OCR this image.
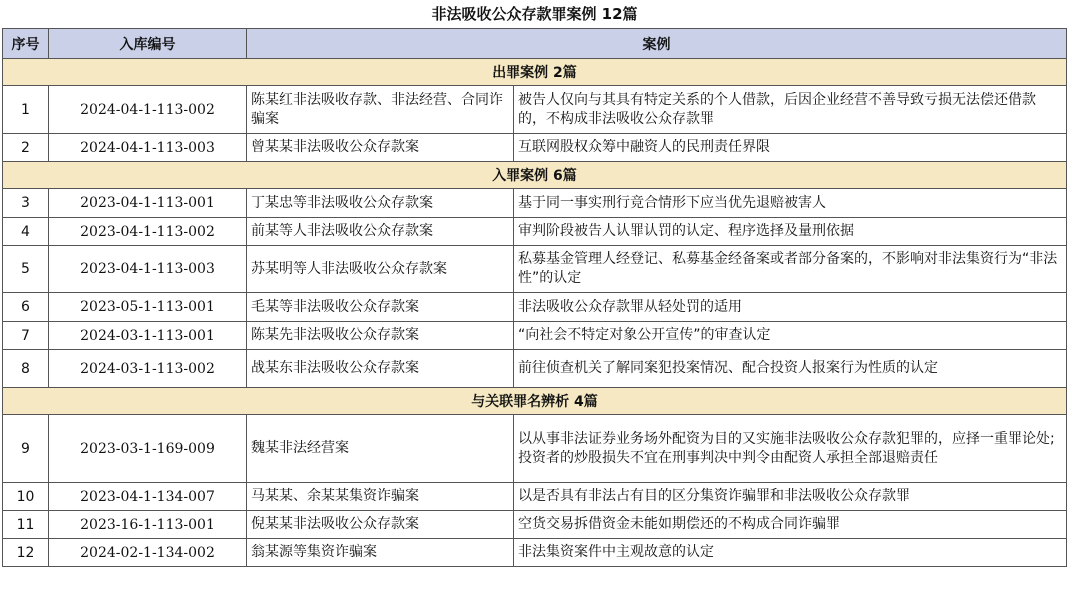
非法吸收公众存款罪案例 12篇
序号	入库编号	案例	
出罪案例 2篇			
1	2024-04-1-113-002	陈某红非法吸收存款、非法经营、合同诈骗案	被告人仅向与其具有特定关系的个人借款，后因企业经营不善导致亏损无法偿还借款的，不构成非法吸收公众存款罪
2	2024-04-1-113-003	曾某某非法吸收公众存款案	互联网股权众筹中融资人的民刑责任界限
入罪案例 6篇			
3	2023-04-1-113-001	丁某忠等非法吸收公众存款案	基于同一事实刑行竞合情形下应当优先退赔被害人
4	2023-04-1-113-002	前某等人非法吸收公众存款案	审判阶段被告人认罪认罚的认定、程序选择及量刑依据
5	2023-04-1-113-003	苏某明等人非法吸收公众存款案	私募基金管理人经登记、私募基金经备案或者部分备案的，不影响对非法集资行为“非法性”的认定
6	2023-05-1-113-001	毛某等非法吸收公众存款案	非法吸收公众存款罪从轻处罚的适用
7	2024-03-1-113-001	陈某先非法吸收公众存款案	“向社会不特定对象公开宣传”的审查认定
8	2024-03-1-113-002	战某东非法吸收公众存款案	前往侦查机关了解同案犯投案情况、配合投资人报案行为性质的认定
与关联罪名辨析 4篇			
9	2023-03-1-169-009	魏某非法经营案	以从事非法证券业务场外配资为目的又实施非法吸收公众存款犯罪的，应择一重罪论处;投资者的炒股损失不宜在刑事判决中判令由配资人承担全部退赔责任
10	2023-04-1-134-007	马某某、余某某集资诈骗案	以是否具有非法占有目的区分集资诈骗罪和非法吸收公众存款罪
11	2023-16-1-113-001	倪某某非法吸收公众存款案	空货交易拆借资金未能如期偿还的不构成合同诈骗罪
12	2024-02-1-134-002	翁某源等集资诈骗案	非法集资案件中主观故意的认定
